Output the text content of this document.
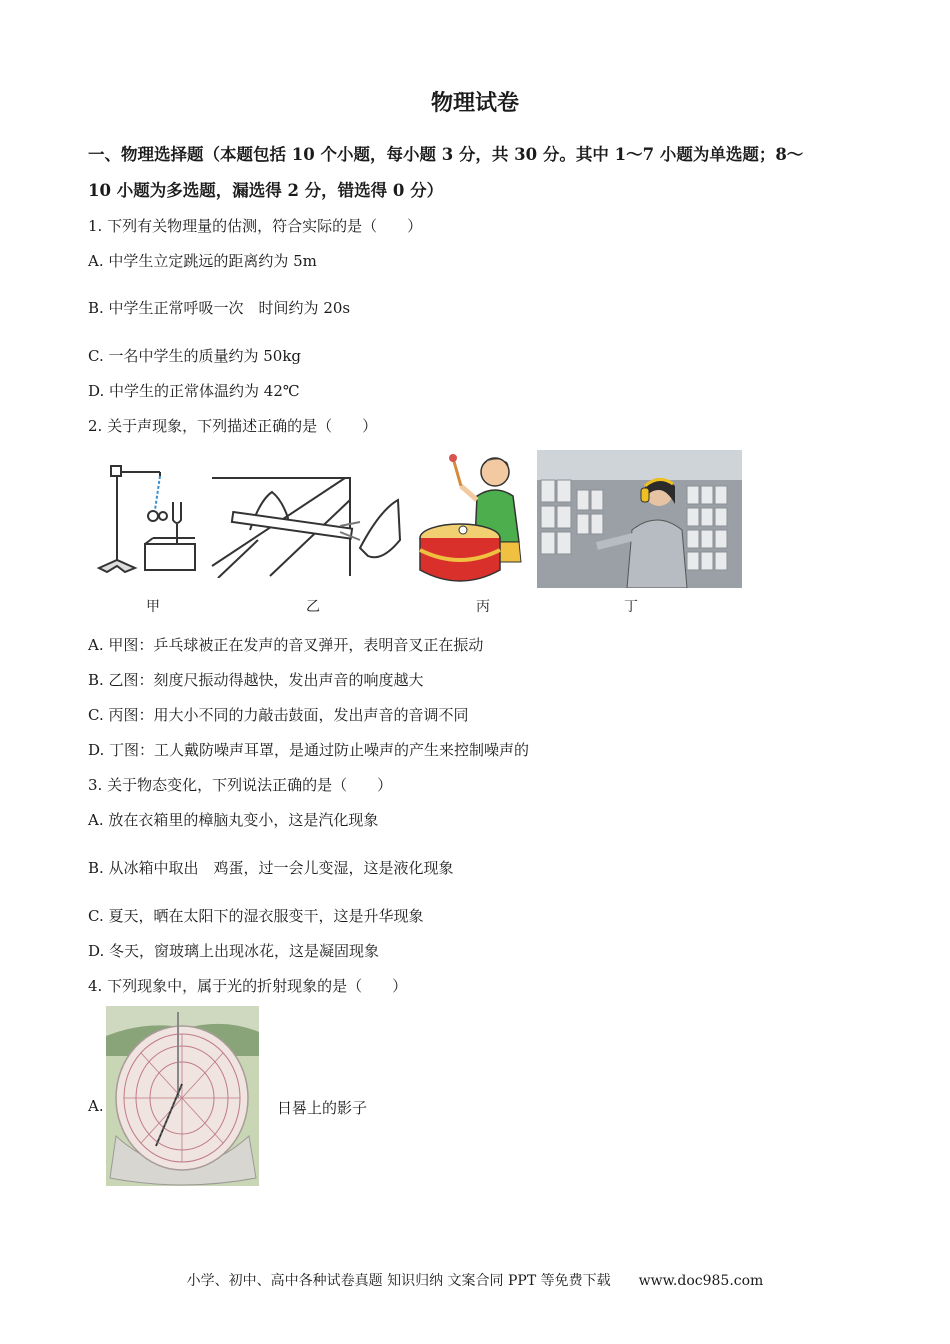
物理试卷
一、物理选择题（本题包括 10 个小题，每小题 3 分，共 30 分。其中 1～7 小题为单选题；8～
10 小题为多选题，漏选得 2 分，错选得 0 分）
1. 下列有关物理量的估测，符合实际的是（　　）
A. 中学生立定跳远的距离约为 5m
B. 中学生正常呼吸一次　时间约为 20s
C. 一名中学生的质量约为 50kg
D. 中学生的正常体温约为 42℃
2. 关于声现象，下列描述正确的是（　　）
甲	乙	丙	丁
A. 甲图：乒乓球被正在发声的音叉弹开，表明音叉正在振动
B. 乙图：刻度尺振动得越快，发出声音的响度越大
C. 丙图：用大小不同的力敲击鼓面，发出声音的音调不同
D. 丁图：工人戴防噪声耳罩，是通过防止噪声的产生来控制噪声的
3. 关于物态变化，下列说法正确的是（　　）
A. 放在衣箱里的樟脑丸变小，这是汽化现象
B. 从冰箱中取出　鸡蛋，过一会儿变湿，这是液化现象
C. 夏天，晒在太阳下的湿衣服变干，这是升华现象
D. 冬天，窗玻璃上出现冰花，这是凝固现象
4. 下列现象中，属于光的折射现象的是（　　）
A.	日晷上的影子
小学、初中、高中各种试卷真题 知识归纳 文案合同 PPT 等免费下载　　www.doc985.com
